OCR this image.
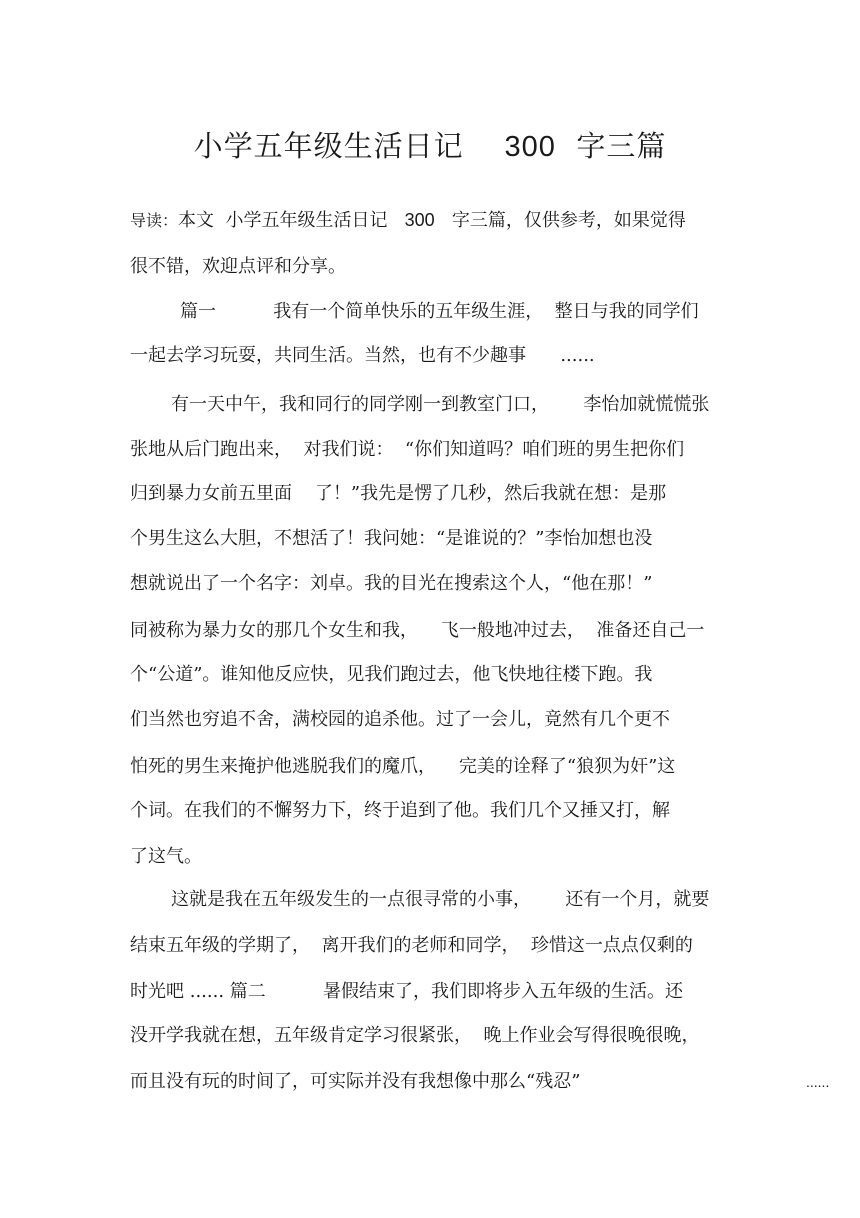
小学五年级生活日记 300 字三篇
导读：本文  小学五年级生活日记 300 字三篇，仅供参考，如果觉得
很不错，欢迎点评和分享。
篇一          我有一个简单快乐的五年级生涯，  整日与我的同学们
一起去学习玩耍，共同生活。当然，也有不少趣事      ......
有一天中午，我和同行的同学刚一到教室门口，      李怡加就慌慌张
张地从后门跑出来，  对我们说：  “你们知道吗？咱们班的男生把你们
归到暴力女前五里面    了！”我先是愣了几秒，然后我就在想：是那
个男生这么大胆，不想活了！我问她：“是谁说的？”李怡加想也没
想就说出了一个名字：刘卓。我的目光在搜索这个人，“他在那！”
同被称为暴力女的那几个女生和我，    飞一般地冲过去，  准备还自己一
个“公道”。谁知他反应快，见我们跑过去，他飞快地往楼下跑。我
们当然也穷追不舍，满校园的追杀他。过了一会儿，竟然有几个更不
怕死的男生来掩护他逃脱我们的魔爪，    完美的诠释了“狼狈为奸”这
个词。在我们的不懈努力下，终于追到了他。我们几个又捶又打，解
了这气。
这就是我在五年级发生的一点很寻常的小事，      还有一个月，就要
结束五年级的学期了，  离开我们的老师和同学，  珍惜这一点点仅剩的
时光吧 ...... 篇二          暑假结束了，我们即将步入五年级的生活。还
没开学我就在想，五年级肯定学习很紧张，  晚上作业会写得很晚很晚，
而且没有玩的时间了，可实际并没有我想像中那么“残忍”	......
